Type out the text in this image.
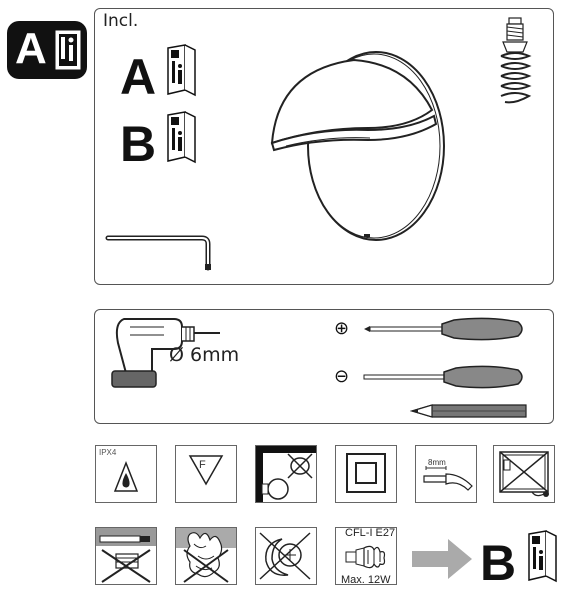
A
Incl.
A
B
Ø 6mm
⊕
⊖
IPX4
F	8mm
CFL-I E27
Max. 12W B
